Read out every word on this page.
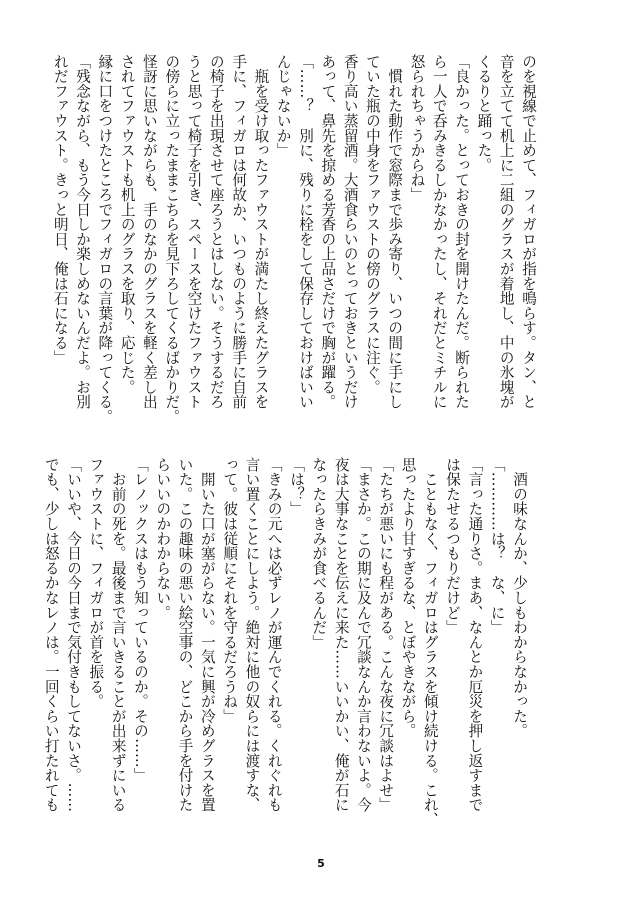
のを視線で止めて、フィガロが指を鳴らす。タン、と
音を立てて机上に二組のグラスが着地し、中の氷塊が
くるりと踊った。
「良かった。とっておきの封を開けたんだ。断られた
ら一人で呑みきるしかなかったし、それだとミチルに
怒られちゃうからね」
　慣れた動作で窓際まで歩み寄り、いつの間に手にし
ていた瓶の中身をファウストの傍のグラスに注ぐ。
香り高い蒸留酒。大酒食らいのとっておきというだけ
あって、鼻先を掠める芳香の上品さだけで胸が躍る。
「……？　別に、残りに栓をして保存しておけばいい
んじゃないか」
　瓶を受け取ったファウストが満たし終えたグラスを
手に、フィガロは何故か、いつものように勝手に自前
の椅子を出現させて座ろうとはしない。そうするだろ
うと思って椅子を引き、スペースを空けたファウスト
の傍らに立ったままこちらを見下ろしてくるばかりだ。
怪訝に思いながらも、手のなかのグラスを軽く差し出
されてファウストも机上のグラスを取り、応じた。
縁に口をつけたところでフィガロの言葉が降ってくる。
「残念ながら、もう今日しか楽しめないんだよ。お別
れだファウスト。きっと明日、俺は石になる」
　酒の味なんか、少しもわからなかった。
「…………は？　な、に」
「言った通りさ。まあ、なんとか厄災を押し返すまで
は保たせるつもりだけど」
　こともなく、フィガロはグラスを傾け続ける。これ、
思ったより甘すぎるな、とぼやきながら。
「たちが悪いにも程がある。こんな夜に冗談はよせ」
「まさか。この期に及んで冗談なんか言わないよ。今
夜は大事なことを伝えに来た……いいかい、俺が石に
なったらきみが食べるんだ」
「は？」
「きみの元へは必ずレノが運んでくれる。くれぐれも
言い置くことにしよう。絶対に他の奴らには渡すな、
って。彼は従順にそれを守るだろうね」
　開いた口が塞がらない。一気に興が冷めグラスを置
いた。この趣味の悪い絵空事の、どこから手を付けた
らいいのかわからない。
「レノックスはもう知っているのか。その……」
　お前の死を。最後まで言いきることが出来ずにいる
ファウストに、フィガロが首を振る。
「いいや、今日の今日まで気付きもしてないさ。……
でも、少しは怒るかなレノは。一回くらい打たれても
5
